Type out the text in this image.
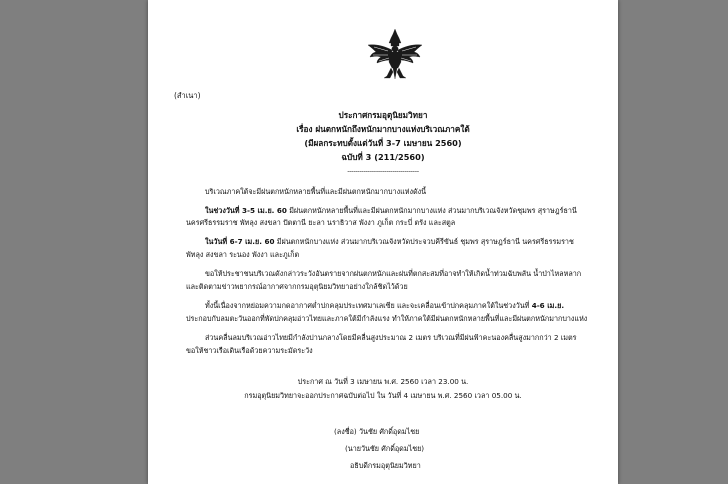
(สำเนา)
ประกาศกรมอุตุนิยมวิทยา
เรื่อง ฝนตกหนักถึงหนักมากบางแห่งบริเวณภาคใต้
(มีผลกระทบตั้งแต่วันที่ 3-7 เมษายน 2560)
ฉบับที่ 3 (211/2560)
-----------------------------------
บริเวณภาคใต้จะมีฝนตกหนักหลายพื้นที่และมีฝนตกหนักมากบางแห่งดังนี้
ในช่วงวันที่ 3-5 เม.ย. 60 มีฝนตกหนักหลายพื้นที่และมีฝนตกหนักมากบางแห่ง ส่วนมากบริเวณจังหวัดชุมพร สุราษฎร์ธานี
นครศรีธรรมราช พัทลุง สงขลา ปัตตานี ยะลา นราธิวาส พังงา ภูเก็ต กระบี่ ตรัง และสตูล
ในวันที่ 6-7 เม.ย. 60 มีฝนตกหนักบางแห่ง ส่วนมากบริเวณจังหวัดประจวบคีรีขันธ์ ชุมพร สุราษฎร์ธานี นครศรีธรรมราช
พัทลุง สงขลา ระนอง พังงา และภูเก็ต
ขอให้ประชาชนบริเวณดังกล่าวระวังอันตรายจากฝนตกหนักและฝนที่ตกสะสมที่อาจทำให้เกิดน้ำท่วมฉับพลัน น้ำป่าไหลหลาก
และติดตามข่าวพยากรณ์อากาศจากกรมอุตุนิยมวิทยาอย่างใกล้ชิดไว้ด้วย
ทั้งนี้เนื่องจากหย่อมความกดอากาศต่ำปกคลุมประเทศมาเลเซีย และจะเคลื่อนเข้าปกคลุมภาคใต้ในช่วงวันที่ 4-6 เม.ย.
ประกอบกับลมตะวันออกที่พัดปกคลุมอ่าวไทยและภาคใต้มีกำลังแรง ทำให้ภาคใต้มีฝนตกหนักหลายพื้นที่และมีฝนตกหนักมากบางแห่ง
ส่วนคลื่นลมบริเวณอ่าวไทยมีกำลังปานกลางโดยมีคลื่นสูงประมาณ 2 เมตร บริเวณที่มีฝนฟ้าคะนองคลื่นสูงมากกว่า 2 เมตร
ขอให้ชาวเรือเดินเรือด้วยความระมัดระวัง
ประกาศ ณ วันที่ 3 เมษายน พ.ศ. 2560 เวลา 23.00 น.
กรมอุตุนิยมวิทยาจะออกประกาศฉบับต่อไป ใน วันที่ 4 เมษายน พ.ศ. 2560 เวลา 05.00 น.
(ลงชื่อ) วันชัย ศักดิ์อุดมไชย
(นายวันชัย ศักดิ์อุดมไชย)
อธิบดีกรมอุตุนิยมวิทยา
